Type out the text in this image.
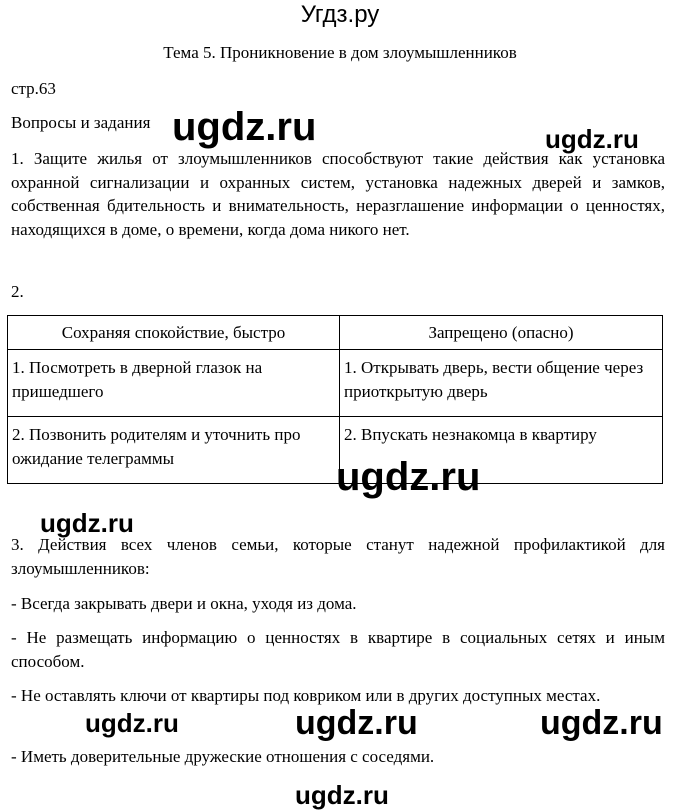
Угдз.ру
Тема 5. Проникновение в дом злоумышленников
стр.63
Вопросы и задания ugdz.ru	ugdz.ru
1. Защите жилья от злоумышленников способствуют такие действия как установка охранной сигнализации и охранных систем, установка надежных дверей и замков, собственная бдительность и внимательность, неразглашение информации о ценностях, находящихся в доме, о времени, когда дома никого нет.
2.
Сохраняя спокойствие, быстро	Запрещено (опасно)
1. Посмотреть в дверной глазок на пришедшего	1. Открывать дверь, вести общение через приоткрытую дверь
2. Позвонить родителям и уточнить про ожидание телеграммы	2. Впускать незнакомца в квартиру
ugdz.ru
ugdz.ru
3. Действия всех членов семьи, которые станут надежной профилактикой для злоумышленников:
- Всегда закрывать двери и окна, уходя из дома.
- Не размещать информацию о ценностях в квартире в социальных сетях и иным способом.
- Не оставлять ключи от квартиры под ковриком или в других доступных местах.
- Иметь доверительные дружеские отношения с соседями.
ugdz.ru	ugdz.ru	ugdz.ru
ugdz.ru
